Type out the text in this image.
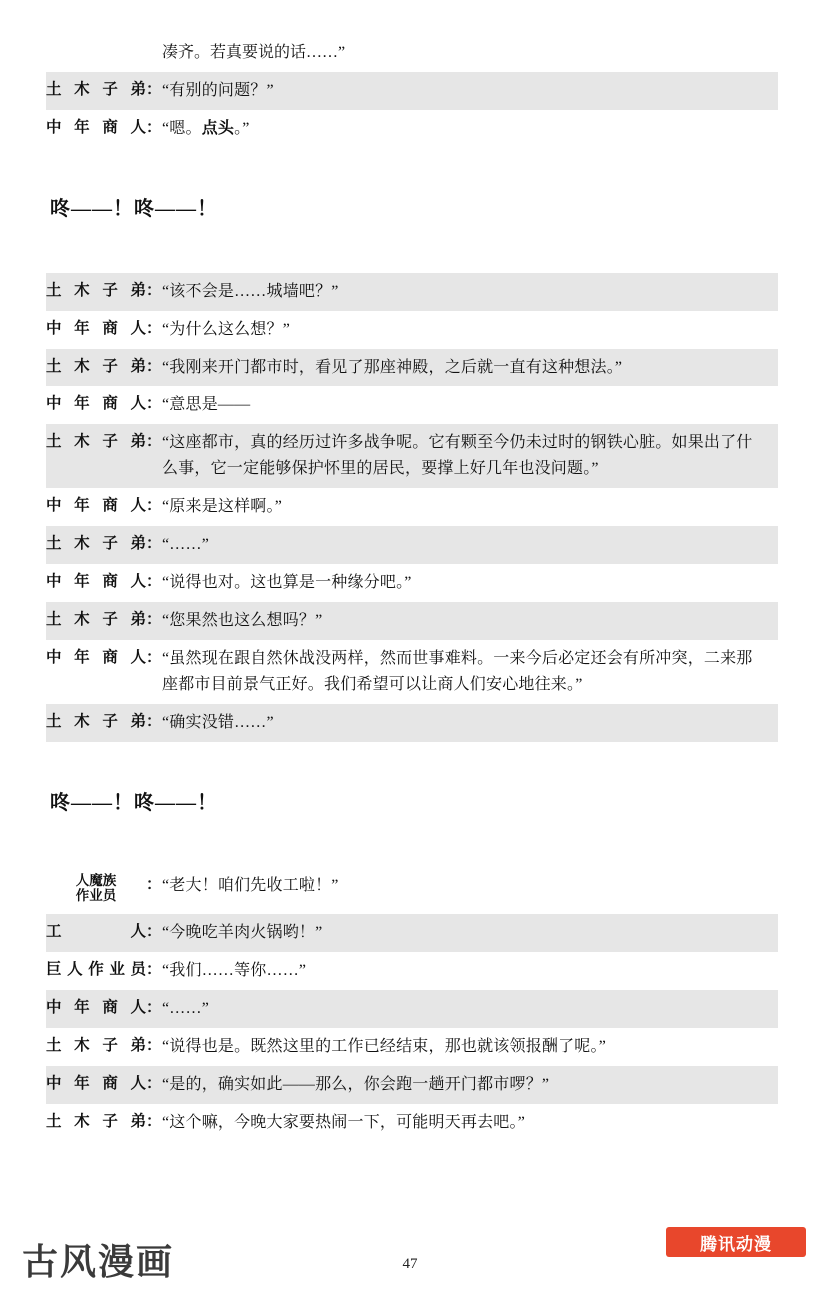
		凑齐。若真要说的话……”
土木子弟	：	“有别的问题？”
中年商人	：	“嗯。点头。”
咚——！咚——！
土木子弟	：	“该不会是……城墙吧？”
中年商人	：	“为什么这么想？”
土木子弟	：	“我刚来开门都市时，看见了那座神殿，之后就一直有这种想法。”
中年商人	：	“意思是——
土木子弟	：	“这座都市，真的经历过许多战争呢。它有颗至今仍未过时的钢铁心脏。如果出了什么事，它一定能够保护怀里的居民，要撑上好几年也没问题。”
中年商人	：	“原来是这样啊。”
土木子弟	：	“……”
中年商人	：	“说得也对。这也算是一种缘分吧。”
土木子弟	：	“您果然也这么想吗？”
中年商人	：	“虽然现在跟自然休战没两样，然而世事难料。一来今后必定还会有所冲突，二来那座都市目前景气正好。我们希望可以让商人们安心地往来。”
土木子弟	：	“确实没错……”
咚——！咚——！
人魔族
作业员	：	“老大！咱们先收工啦！”
工　　人	：	“今晚吃羊肉火锅哟！”
巨人作业员	：	“我们……等你……”
中年商人	：	“……”
土木子弟	：	“说得也是。既然这里的工作已经结束，那也就该领报酬了呢。”
中年商人	：	“是的，确实如此——那么，你会跑一趟开门都市啰？”
土木子弟	：	“这个嘛，今晚大家要热闹一下，可能明天再去吧。”
47
古风漫画	腾讯动漫
